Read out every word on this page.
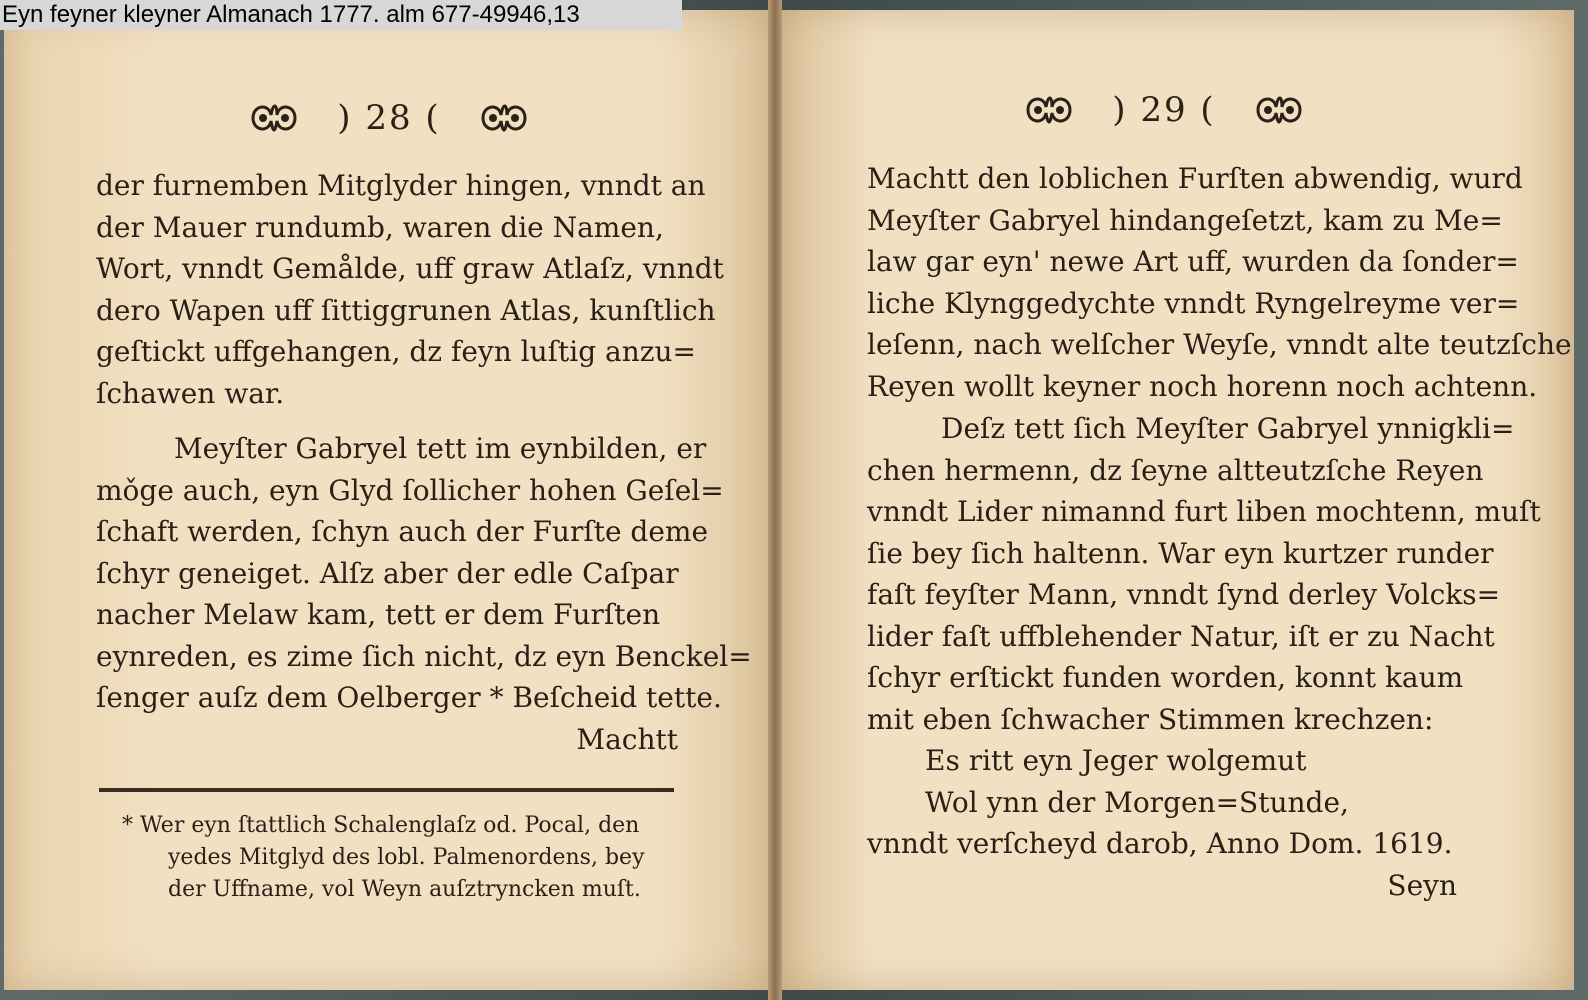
Eyn feyner kleyner Almanach 1777. alm 677-49946,13
) 28 (
der furnemben Mitglyder hingen, vnndt an
der Mauer rundumb, waren die Namen,
Wort, vnndt Gemålde, uff graw Atlaſz, vnndt
dero Wapen uff ſittiggrunen Atlas, kunſtlich
geſtickt uffgehangen, dz feyn luſtig anzu=
ſchawen war.
Meyſter Gabryel tett im eynbilden, er
mǒge auch, eyn Glyd ſollicher hohen Geſel=
ſchaft werden, ſchyn auch der Furſte deme
ſchyr geneiget. Alſz aber der edle Caſpar
nacher Melaw kam, tett er dem Furſten
eynreden, es zime ſich nicht, dz eyn Benckel=
ſenger auſz dem Oelberger * Beſcheid tette.
Machtt
* Wer eyn ſtattlich Schalenglaſz od. Pocal, den
yedes Mitglyd des lobl. Palmenordens, bey
der Uffname, vol Weyn auſztryncken muſt.
) 29 (
Machtt den loblichen Furſten abwendig, wurd
Meyſter Gabryel hindangeſetzt, kam zu Me=
law gar eyn' newe Art uff, wurden da ſonder=
liche Klynggedychte vnndt Ryngelreyme ver=
leſenn, nach welſcher Weyſe, vnndt alte teutzſche
Reyen wollt keyner noch horenn noch achtenn.
Deſz tett ſich Meyſter Gabryel ynnigkli=
chen hermenn, dz ſeyne altteutzſche Reyen
vnndt Lider nimannd furt liben mochtenn, muſt
ſie bey ſich haltenn. War eyn kurtzer runder
faſt feyſter Mann, vnndt ſynd derley Volcks=
lider faſt uffblehender Natur, iſt er zu Nacht
ſchyr erſtickt funden worden, konnt kaum
mit eben ſchwacher Stimmen krechzen:
Es ritt eyn Jeger wolgemut
Wol ynn der Morgen=Stunde,
vnndt verſcheyd darob, Anno Dom. 1619.
Seyn
